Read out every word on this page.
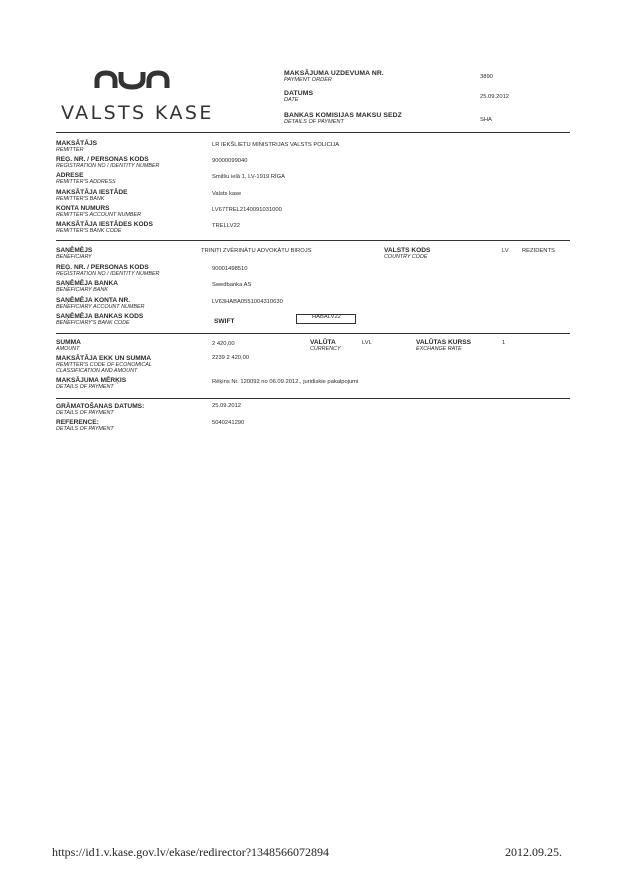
VALSTS KASE
MAKSĀJUMA UZDEVUMA NR.
PAYMENT ORDER	3890
DATUMS
DATE	25.09.2012
BANKAS KOMISIJAS MAKSU SEDZ
DETAILS OF PAYMENT	SHA
MAKSĀTĀJS
REMITTER
LR IEKŠLIETU MINISTRIJAS VALSTS POLICIJA
REĢ. NR. / PERSONAS KODS
REGISTRATION NO / IDENTITY NUMBER
90000099040
ADRESE
REMITTER'S ADDRESS
Smilšu ielā 1, LV-1919 RĪGA
MAKSĀTĀJA IESTĀDE
REMITTER'S BANK
Valsts kase
KONTA NUMURS
REMITTER'S ACCOUNT NUMBER
LV67TREL2140091031000
MAKSĀTĀJA IESTĀDES KODS
REMITTER'S BANK CODE
TRELLV22
SAŅĒMĒJS
BENEFICIARY
TRINITI ZVĒRINĀTU ADVOKĀTU BIROJS	VALSTS KODS
COUNTRY CODE
LV REZIDENTS
REĢ. NR. / PERSONAS KODS
REGISTRATION NO / IDENTITY NUMBER
90001498510
SAŅĒMĒJA BANKA
BENEFICIARY BANK
Swedbanka AS
SAŅĒMĒJA KONTA NR.
BENEFICIARY ACCOUNT NUMBER
LV63HABA0551004310630
SAŅĒMĒJA BANKAS KODS
BENEFICIARY'S BANK CODE	SWIFT
HABALV22
SUMMA
AMOUNT
2 420,00	VALŪTA
CURRENCY
LVL	VALŪTAS KURSS
EXCHANGE RATE
1
MAKSĀTĀJA EKK UN SUMMA
REMITTER'S CODE OF ECONOMICAL
CLASSIFICATION AND AMOUNT
2239 2 420,00
MAKSĀJUMA MĒRĶIS
DETAILS OF PAYMENT
Rēķins Nr. 120092 no 06.09.2012., juridiskie pakalpojumi
GRĀMATOŠANAS DATUMS:
DETAILS OF PAYMENT
25.09.2012
REFERENCE:
DETAILS OF PAYMENT
5040241290
https://id1.v.kase.gov.lv/ekase/redirector?1348566072894	2012.09.25.
